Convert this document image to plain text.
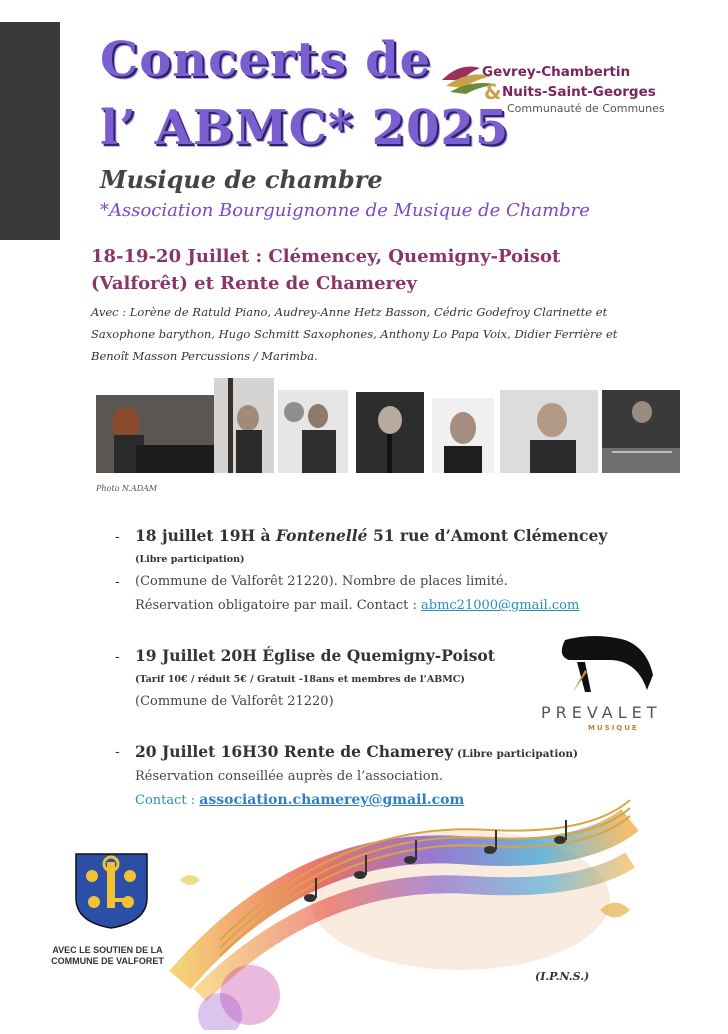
Concerts de
l’ ABMC* 2025
Gevrey-Chambertin
& Nuits-Saint-Georges
Communauté de Communes
Musique de chambre
*Association Bourguignonne de Musique de Chambre
18-19-20 Juillet : Clémencey, Quemigny-Poisot (Valforêt) et Rente de Chamerey
Avec : Lorène de Ratuld Piano, Audrey-Anne Hetz Basson, Cédric Godefroy Clarinette et Saxophone barython, Hugo Schmitt Saxophones, Anthony Lo Papa Voix, Didier Ferrière et Benoît Masson Percussions / Marimba.
Photo N.ADAM
- 18 juillet 19H à Fontenellé 51 rue d’Amont Clémencey
(Libre participation)
- (Commune de Valforêt 21220). Nombre de places limité.
Réservation obligatoire par mail. Contact : abmc21000@gmail.com
- 19 Juillet 20H Église de Quemigny-Poisot
(Tarif 10€ / réduit 5€ / Gratuit -18ans et membres de l’ABMC)
(Commune de Valforêt 21220)
PREVALET
MUSIQUE
- 20 Juillet 16H30 Rente de Chamerey (Libre participation)
Réservation conseillée auprès de l’association.
Contact : association.chamerey@gmail.com
AVEC LE SOUTIEN DE LA COMMUNE DE VALFORET
(I.P.N.S.)
